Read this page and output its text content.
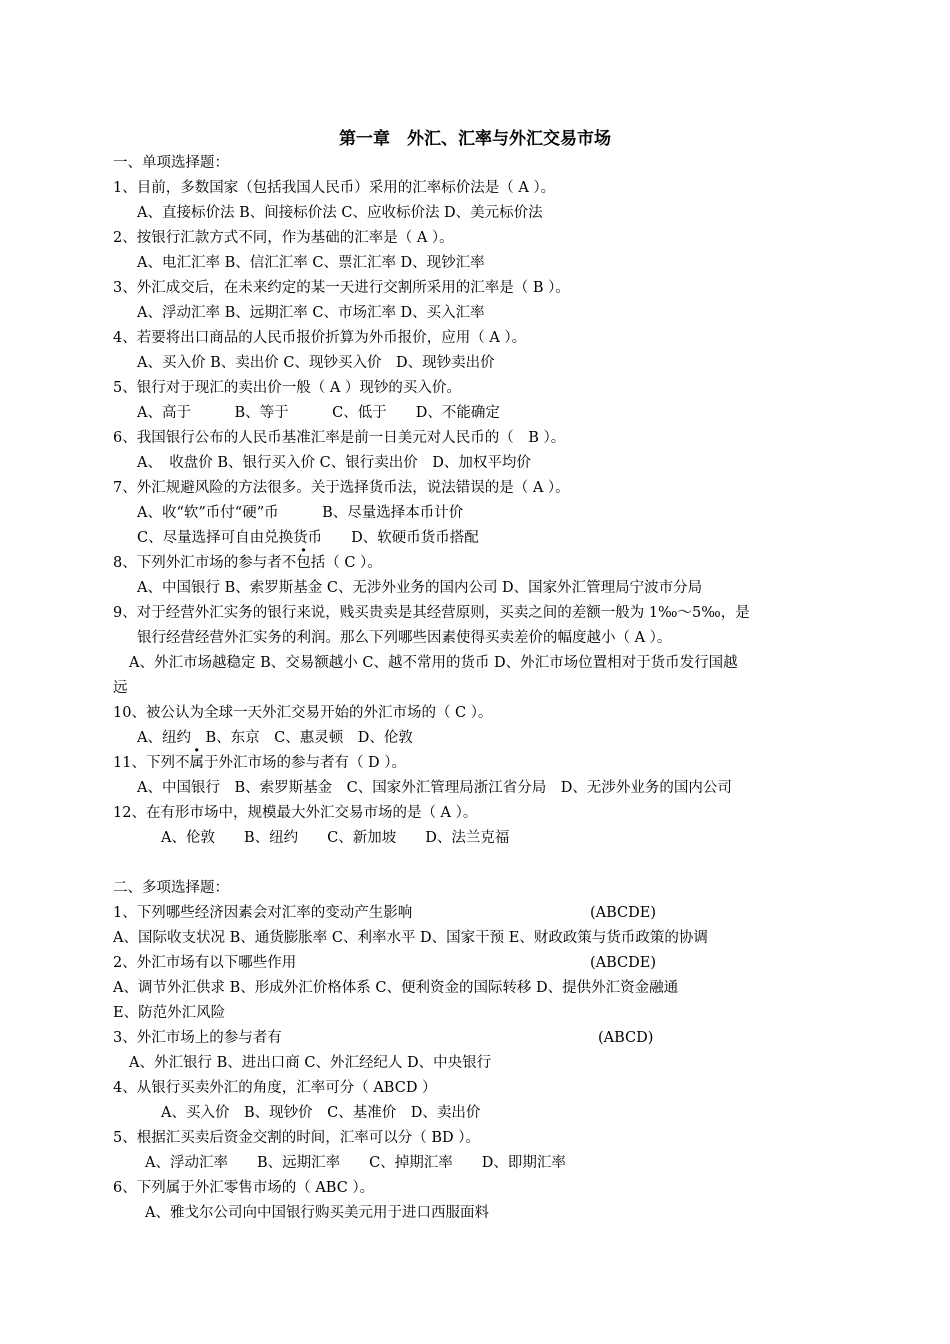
第一章　外汇、汇率与外汇交易市场
一、单项选择题：
1、目前，多数国家（包括我国人民币）采用的汇率标价法是（ A ）。
A、直接标价法 B、间接标价法 C、应收标价法 D、美元标价法
2、按银行汇款方式不同，作为基础的汇率是（ A ）。
A、电汇汇率 B、信汇汇率 C、票汇汇率 D、现钞汇率
3、外汇成交后，在未来约定的某一天进行交割所采用的汇率是（ B ）。
A、浮动汇率 B、远期汇率 C、市场汇率 D、买入汇率
4、若要将出口商品的人民币报价折算为外币报价，应用（ A ）。
A、买入价 B、卖出价 C、现钞买入价　D、现钞卖出价
5、银行对于现汇的卖出价一般（ A ）现钞的买入价。
A、高于　　　B、等于　　　C、低于　　D、不能确定
6、我国银行公布的人民币基准汇率是前一日美元对人民币的（　B ）。
A、　收盘价 B、银行买入价 C、银行卖出价　D、加权平均价
7、外汇规避风险的方法很多。关于选择货币法，说法错误的是（ A ）。
A、收“软”币付“硬”币　　　B、尽量选择本币计价
C、尽量选择可自由兑换货币　　D、软硬币货币搭配
8、下列外汇市场的参与者不包括（ C ）。
A、中国银行 B、索罗斯基金 C、无涉外业务的国内公司 D、国家外汇管理局宁波市分局
9、对于经营外汇实务的银行来说，贱买贵卖是其经营原则，买卖之间的差额一般为 1‰～5‰，是
银行经营经营外汇实务的利润。那么下列哪些因素使得买卖差价的幅度越小（ A ）。
A、外汇市场越稳定 B、交易额越小 C、越不常用的货币 D、外汇市场位置相对于货币发行国越
远
10、被公认为全球一天外汇交易开始的外汇市场的（ C ）。
A、纽约　B、东京　C、惠灵顿　D、伦敦
11、下列不属于外汇市场的参与者有（ D ）。
A、中国银行　B、索罗斯基金　C、国家外汇管理局浙江省分局　D、无涉外业务的国内公司
12、在有形市场中，规模最大外汇交易市场的是（ A ）。
A、伦敦　　B、纽约　　C、新加坡　　D、法兰克福
二、多项选择题：
1、下列哪些经济因素会对汇率的变动产生影响	(ABCDE)
A、国际收支状况 B、通货膨胀率 C、利率水平 D、国家干预 E、财政政策与货币政策的协调
2、外汇市场有以下哪些作用	(ABCDE)
A、调节外汇供求 B、形成外汇价格体系 C、便利资金的国际转移 D、提供外汇资金融通
E、防范外汇风险
3、外汇市场上的参与者有	(ABCD)
A、外汇银行 B、进出口商 C、外汇经纪人 D、中央银行
4、从银行买卖外汇的角度，汇率可分（ ABCD ）
A、买入价　B、现钞价　C、基准价　D、卖出价
5、根据汇买卖后资金交割的时间，汇率可以分（ BD ）。
A、浮动汇率　　B、远期汇率　　C、掉期汇率　　D、即期汇率
6、下列属于外汇零售市场的（ ABC ）。
A、雅戈尔公司向中国银行购买美元用于进口西服面料
